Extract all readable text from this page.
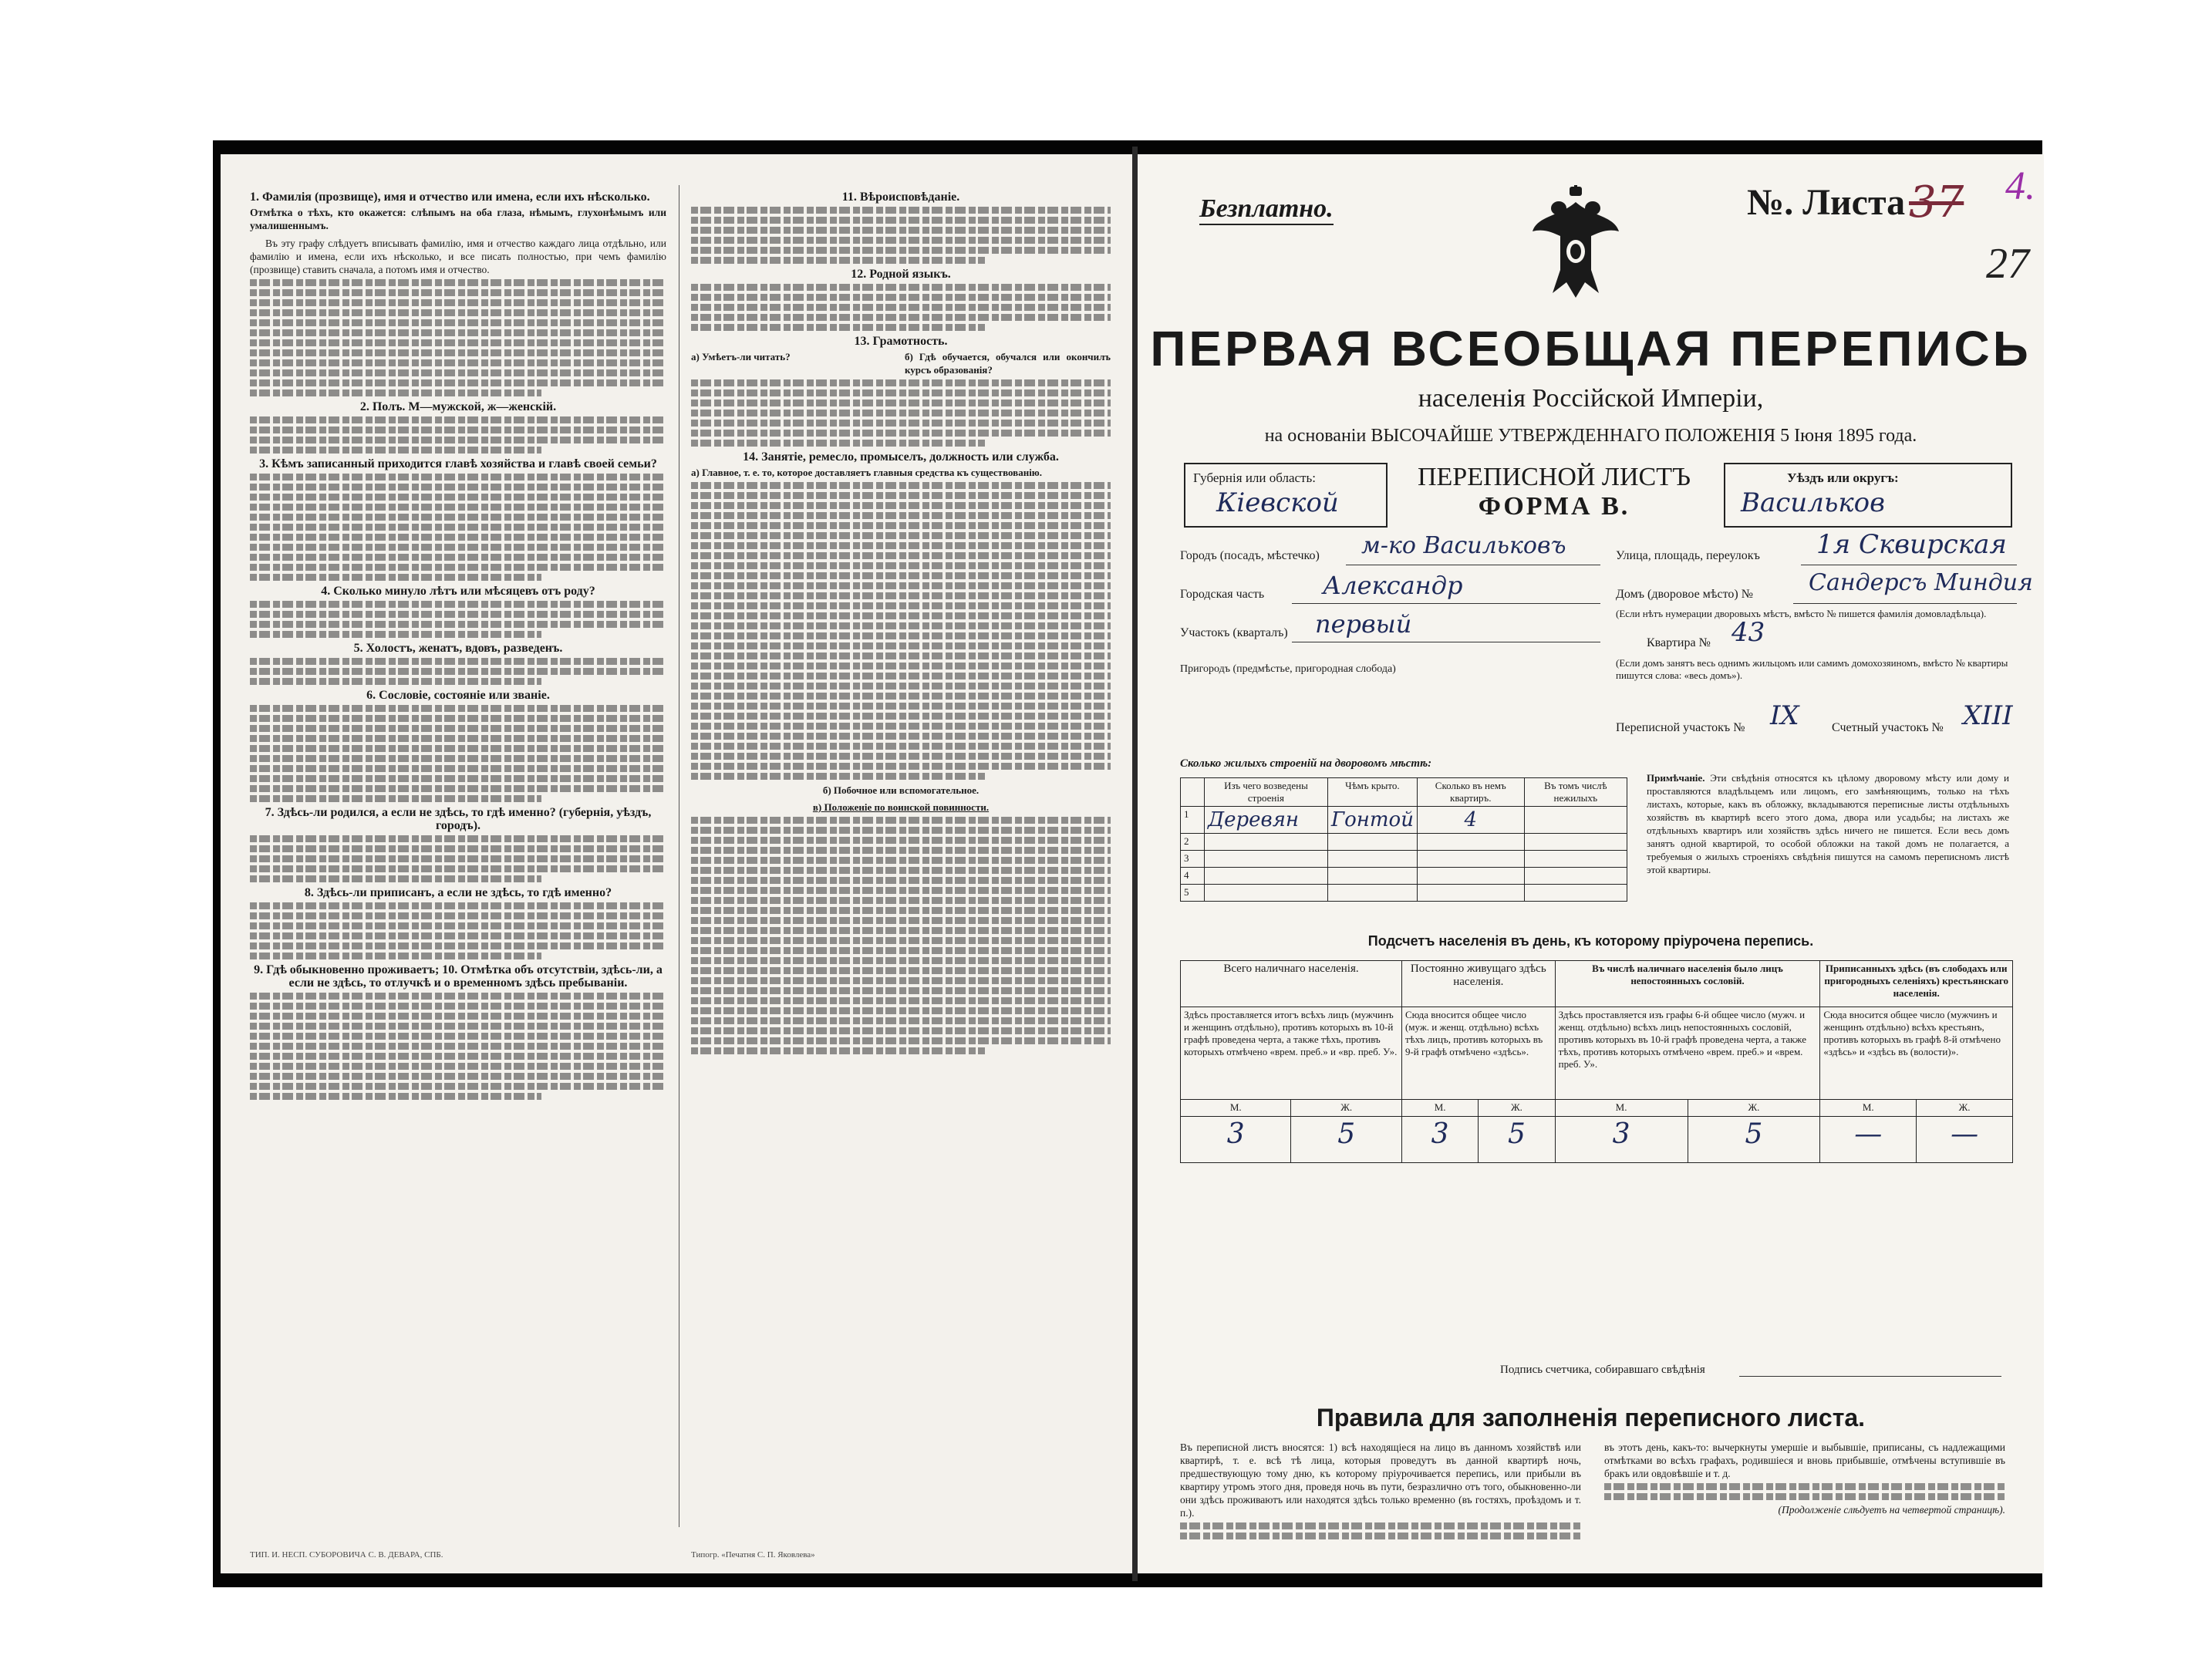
1. Фамилія (прозвище), имя и отчество или имена, если ихъ нѣсколько.
Отмѣтка о тѣхъ, кто окажется: слѣпымъ на оба глаза, нѣмымъ, глухонѣмымъ или умалишеннымъ.
Въ эту графу слѣдуетъ вписывать фамилію, имя и отчество каждаго лица отдѣльно, или фамилію и имена, если ихъ нѣсколько, и все писать полностью, при чемъ фамилію (прозвище) ставить сначала, а потомъ имя и отчество.
2. Полъ. М—мужской, ж—женскій.
3. Кѣмъ записанный приходится главѣ хозяйства и главѣ своей семьи?
4. Сколько минуло лѣтъ или мѣсяцевъ отъ роду?
5. Холостъ, женатъ, вдовъ, разведенъ.
6. Сословіе, состояніе или званіе.
7. Здѣсь-ли родился, а если не здѣсь, то гдѣ именно? (губернія, уѣздъ, городъ).
8. Здѣсь-ли приписанъ, а если не здѣсь, то гдѣ именно?
9. Гдѣ обыкновенно проживаетъ; 10. Отмѣтка объ отсутствіи, здѣсь-ли, а если не здѣсь, то отлучкѣ и о временномъ здѣсь пребываніи.
11. Вѣроисповѣданіе.
12. Родной языкъ.
13. Грамотность.
а) Умѣетъ-ли читать?	б) Гдѣ обучается, обучался или окончилъ курсъ образованія?
14. Занятіе, ремесло, промыселъ, должность или служба.
а) Главное, т. е. то, которое доставляетъ главныя средства къ существованію.
б) Побочное или вспомогательное.
в) Положеніе по воинской повинности.
ТИП. И. НЕСП. СУБОРОВИЧА С. В. ДЕВАРА, СПБ.	Типогр. «Печатня С. П. Яковлева»
Безплатно.	№. Листа 37 4.
27
ПЕРВАЯ ВСЕОБЩАЯ ПЕРЕПИСЬ
населенія Россійской Имперіи,
на основаніи ВЫСОЧАЙШЕ УТВЕРЖДЕННАГО ПОЛОЖЕНІЯ 5 Іюня 1895 года.
Губернія или область:
Кіевской
ПЕРЕПИСНОЙ ЛИСТЪ
ФОРМА В.
Уѣздъ или округъ:
Васильков
Городъ (посадъ, мѣстечко) м-ко Васильковъ
Городская часть Александр
Участокъ (кварталъ) первый
Пригородъ (предмѣстье, пригородная слобода)
Улица, площадь, переулокъ 1я Сквирская
Домъ (дворовое мѣсто) № Сандерсъ Миндия
(Если нѣтъ нумерации дворовыхъ мѣстъ, вмѣсто № пишется фамилія домовладѣльца).
Квартира № 43
(Если домъ занятъ весь однимъ жильцомъ или самимъ домохозяиномъ, вмѣсто № квартиры пишутся слова: «весь домъ»).
Переписной участокъ № IX	Счетный участокъ № XIII
Сколько жилыхъ строеній на дворовомъ мѣстѣ:
	Изъ чего возведены строенія	Чѣмъ крыто.	Сколько въ немъ квартиръ.	Въ томъ числѣ нежилыхъ
1	Деревян	Гонтой	4	
2				
3				
4				
5				
Примѣчаніе. Эти свѣдѣнія относятся къ цѣлому дворовому мѣсту или дому и проставляются владѣльцемъ или лицомъ, его замѣняющимъ, только на тѣхъ листахъ, которые, какъ въ обложку, вкладываются переписные листы отдѣльныхъ хозяйствъ въ квартирѣ всего этого дома, двора или усадьбы; на листахъ же отдѣльныхъ квартиръ или хозяйствъ здѣсь ничего не пишется. Если весь домъ занятъ одной квартирой, то особой обложки на такой домъ не полагается, а требуемыя о жилыхъ строеніяхъ свѣдѣнія пишутся на самомъ переписномъ листѣ этой квартиры.
Подсчетъ населенія въ день, къ которому пріурочена перепись.
Всего наличнаго населенія.		Постоянно живущаго здѣсь населенія.		Въ числѣ наличнаго населенія было лицъ непостоянныхъ сословій.		Приписанныхъ здѣсь (въ слободахъ или пригородныхъ селеніяхъ) крестьянскаго населенія.	
Здѣсь проставляется итогъ всѣхъ лицъ (мужчинъ и женщинъ отдѣльно), противъ которыхъ въ 10-й графѣ проведена черта, а также тѣхъ, противъ которыхъ отмѣчено «врем. преб.» и «вр. преб. У».		Сюда вносится общее число (муж. и женщ. отдѣльно) всѣхъ тѣхъ лицъ, противъ которыхъ въ 9-й графѣ отмѣчено «здѣсь».		Здѣсь проставляется изъ графы 6-й общее число (мужч. и женщ. отдѣльно) всѣхъ лицъ непостоянныхъ сословій, противъ которыхъ въ 10-й графѣ проведена черта, а также тѣхъ, противъ которыхъ отмѣчено «врем. преб.» и «врем. преб. У».		Сюда вносится общее число (мужчинъ и женщинъ отдѣльно) всѣхъ крестьянъ, противъ которыхъ въ графѣ 8-й отмѣчено «здѣсь» и «здѣсь въ (волости)».	
М.	Ж.	М.	Ж.	М.	Ж.	М.	Ж.
3	5	3	5	3	5	—	—
Подпись счетчика, собиравшаго свѣдѣнія
Правила для заполненія переписного листа.
Въ переписной листъ вносятся: 1) всѣ находящіеся на лицо въ данномъ хозяйствѣ или квартирѣ, т. е. всѣ тѣ лица, которыя проведутъ въ данной квартирѣ ночь, предшествующую тому дню, къ которому пріурочивается перепись, или прибыли въ квартиру утромъ этого дня, проведя ночь въ пути, безразлично отъ того, обыкновенно-ли они здѣсь проживаютъ или находятся здѣсь только временно (въ гостяхъ, проѣздомъ и т. п.).
въ этотъ день, какъ-то: вычеркнуты умершіе и выбывшіе, приписаны, съ надлежащими отмѣтками во всѣхъ графахъ, родившіеся и вновь прибывшіе, отмѣчены вступившіе въ бракъ или овдовѣвшіе и т. д.
(Продолженіе слѣдуетъ на четвертой страницѣ).
